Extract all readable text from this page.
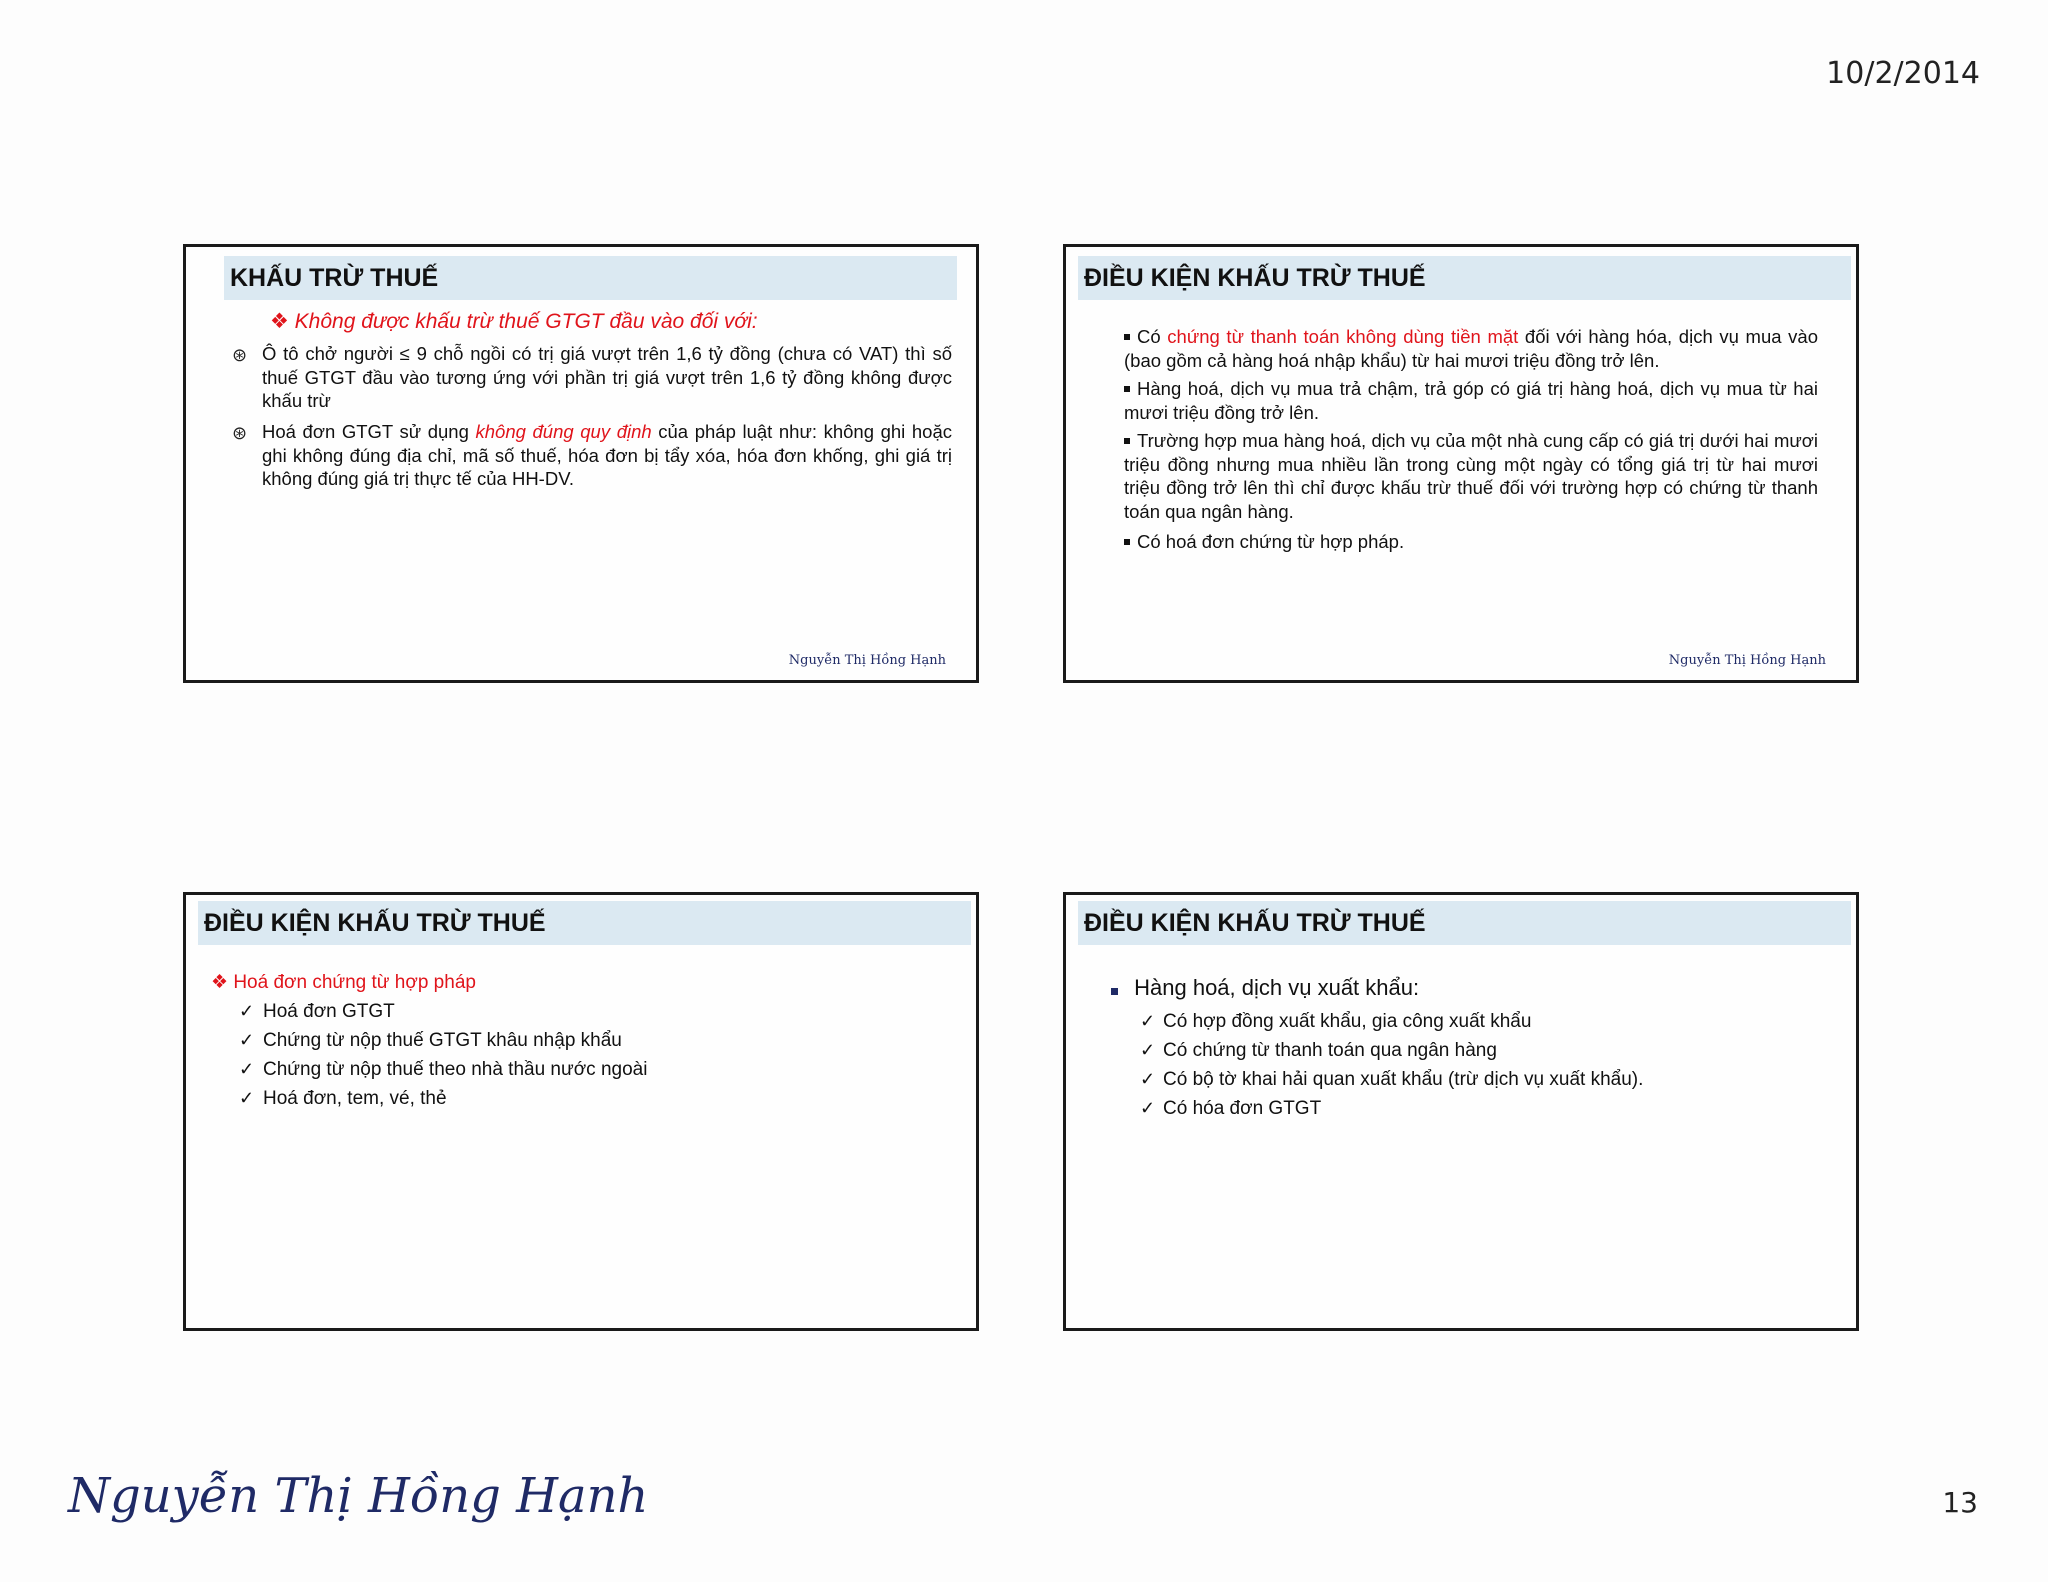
10/2/2014
KHẤU TRỪ THUẾ
❖ Không được khấu trừ thuế GTGT đầu vào đối với:
⊛ Ô tô chở người ≤ 9 chỗ ngồi có trị giá vượt trên 1,6 tỷ đồng (chưa có VAT) thì số thuế GTGT đầu vào tương ứng với phần trị giá vượt trên 1,6 tỷ đồng không được khấu trừ
⊛ Hoá đơn GTGT sử dụng không đúng quy định của pháp luật như: không ghi hoặc ghi không đúng địa chỉ, mã số thuế, hóa đơn bị tẩy xóa, hóa đơn khống, ghi giá trị không đúng giá trị thực tế của HH-DV.
Nguyễn Thị Hồng Hạnh
ĐIỀU KIỆN KHẤU TRỪ THUẾ
Có chứng từ thanh toán không dùng tiền mặt đối với hàng hóa, dịch vụ mua vào (bao gồm cả hàng hoá nhập khẩu) từ hai mươi triệu đồng trở lên.
Hàng hoá, dịch vụ mua trả chậm, trả góp có giá trị hàng hoá, dịch vụ mua từ hai mươi triệu đồng trở lên.
Trường hợp mua hàng hoá, dịch vụ của một nhà cung cấp có giá trị dưới hai mươi triệu đồng nhưng mua nhiều lần trong cùng một ngày có tổng giá trị từ hai mươi triệu đồng trở lên thì chỉ được khấu trừ thuế đối với trường hợp có chứng từ thanh toán qua ngân hàng.
Có hoá đơn chứng từ hợp pháp.
Nguyễn Thị Hồng Hạnh
ĐIỀU KIỆN KHẤU TRỪ THUẾ
❖ Hoá đơn chứng từ hợp pháp
✓ Hoá đơn GTGT
✓ Chứng từ nộp thuế GTGT khâu nhập khẩu
✓ Chứng từ nộp thuế theo nhà thầu nước ngoài
✓ Hoá đơn, tem, vé, thẻ
ĐIỀU KIỆN KHẤU TRỪ THUẾ
Hàng hoá, dịch vụ xuất khẩu:
✓ Có hợp đồng xuất khẩu, gia công xuất khẩu
✓ Có chứng từ thanh toán qua ngân hàng
✓ Có bộ tờ khai hải quan xuất khẩu (trừ dịch vụ xuất khẩu).
✓ Có hóa đơn GTGT
Nguyễn Thị Hồng Hạnh	13
